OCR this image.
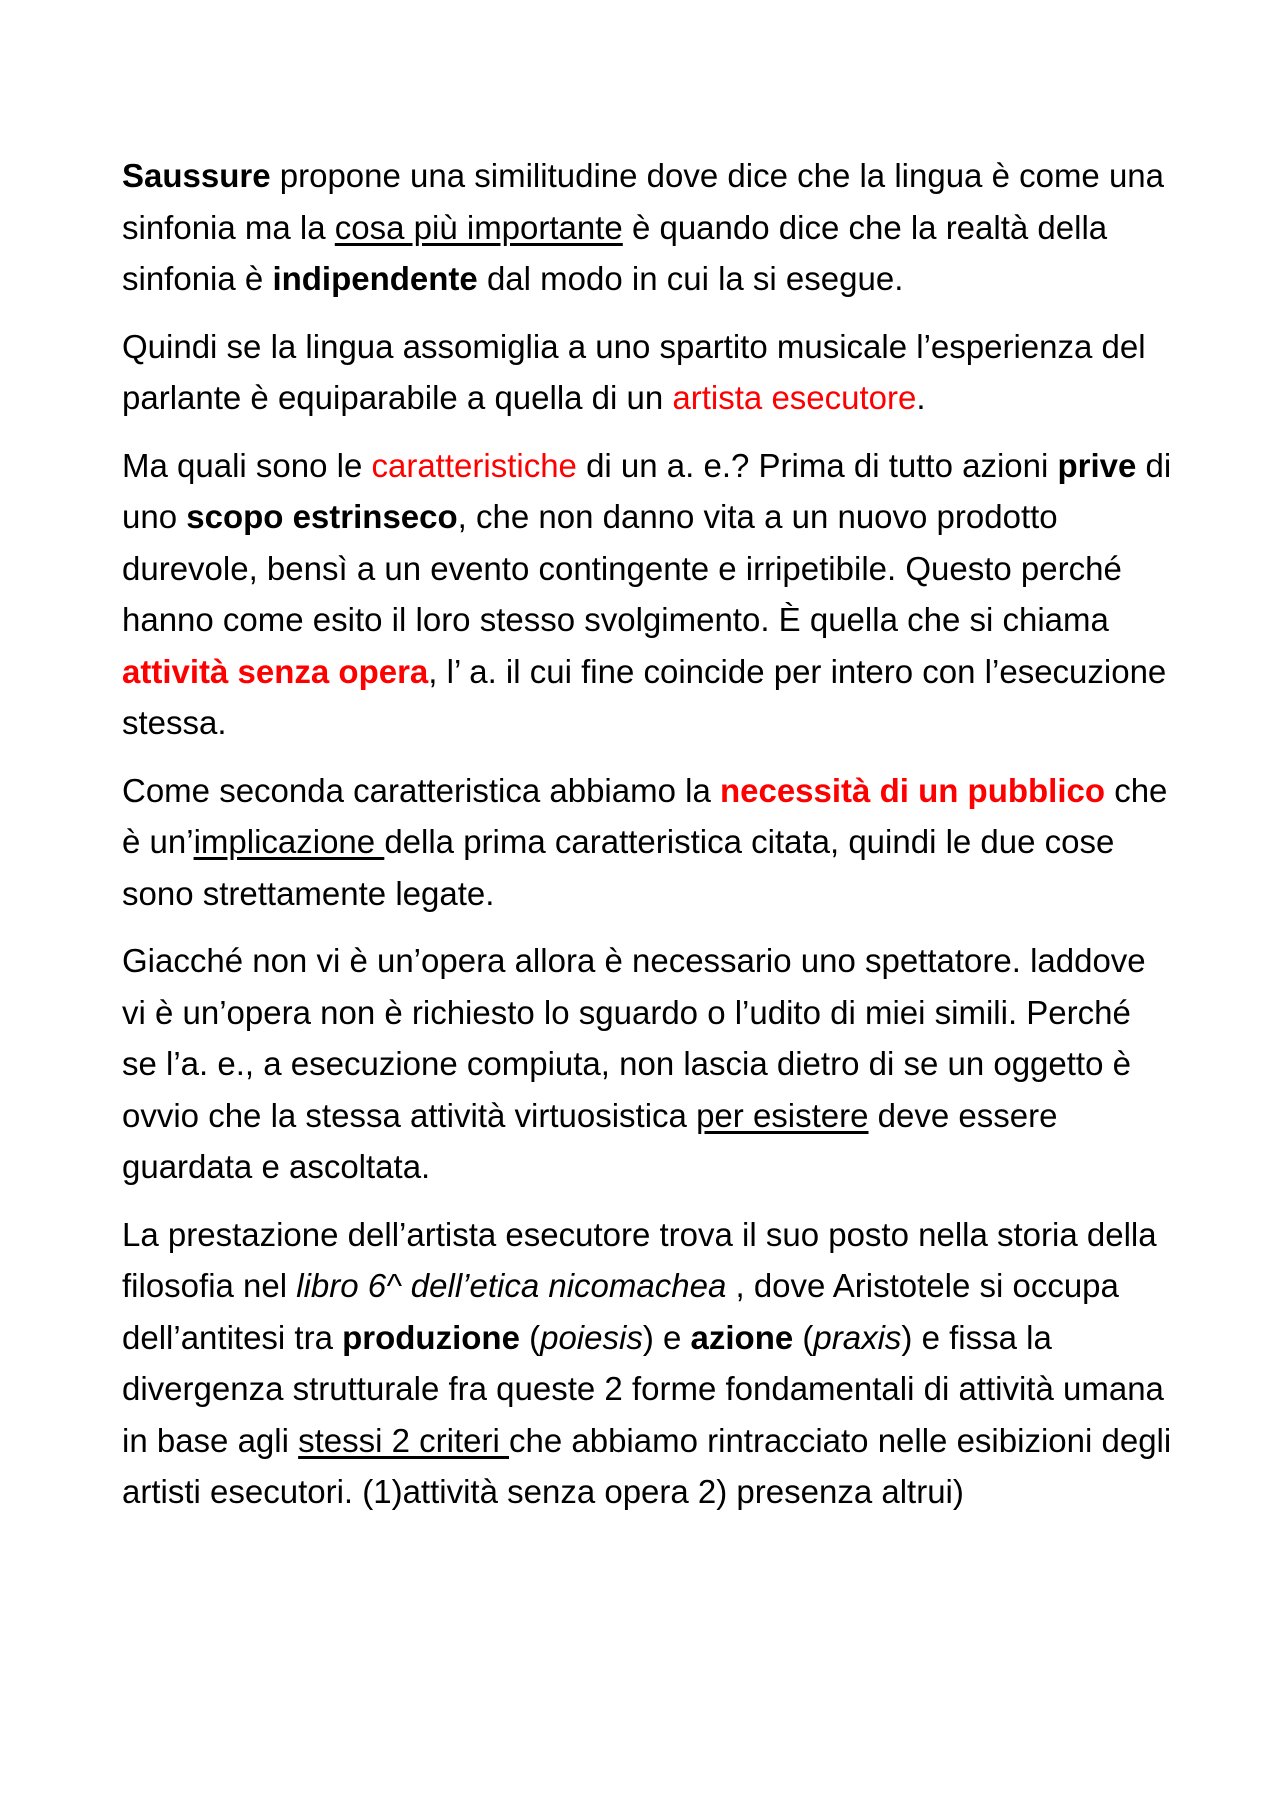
Saussure propone una similitudine dove dice che la lingua è come una sinfonia ma la cosa più importante è quando dice che la realtà della sinfonia è indipendente dal modo in cui la si esegue.

Quindi se la lingua assomiglia a uno spartito musicale l’esperienza del parlante è equiparabile a quella di un artista esecutore.

Ma quali sono le caratteristiche di un a. e.? Prima di tutto azioni prive di uno scopo estrinseco, che non danno vita a un nuovo prodotto durevole, bensì a un evento contingente e irripetibile. Questo perché hanno come esito il loro stesso svolgimento. È quella che si chiama attività senza opera, l’ a. il cui fine coincide per intero con l’esecuzione stessa.

Come seconda caratteristica abbiamo la necessità di un pubblico che è un’implicazione della prima caratteristica citata, quindi le due cose sono strettamente legate.

Giacché non vi è un’opera allora è necessario uno spettatore. laddove vi è un’opera non è richiesto lo sguardo o l’udito di miei simili. Perché se l’a. e., a esecuzione compiuta, non lascia dietro di se un oggetto è ovvio che la stessa attività virtuosistica per esistere deve essere guardata e ascoltata.

La prestazione dell’artista esecutore trova il suo posto nella storia della filosofia nel libro 6^ dell’etica nicomachea , dove Aristotele si occupa dell’antitesi tra produzione (poiesis) e azione (praxis) e fissa la divergenza strutturale fra queste 2 forme fondamentali di attività umana in base agli stessi 2 criteri che abbiamo rintracciato nelle esibizioni degli artisti esecutori. (1)attività senza opera 2) presenza altrui)
